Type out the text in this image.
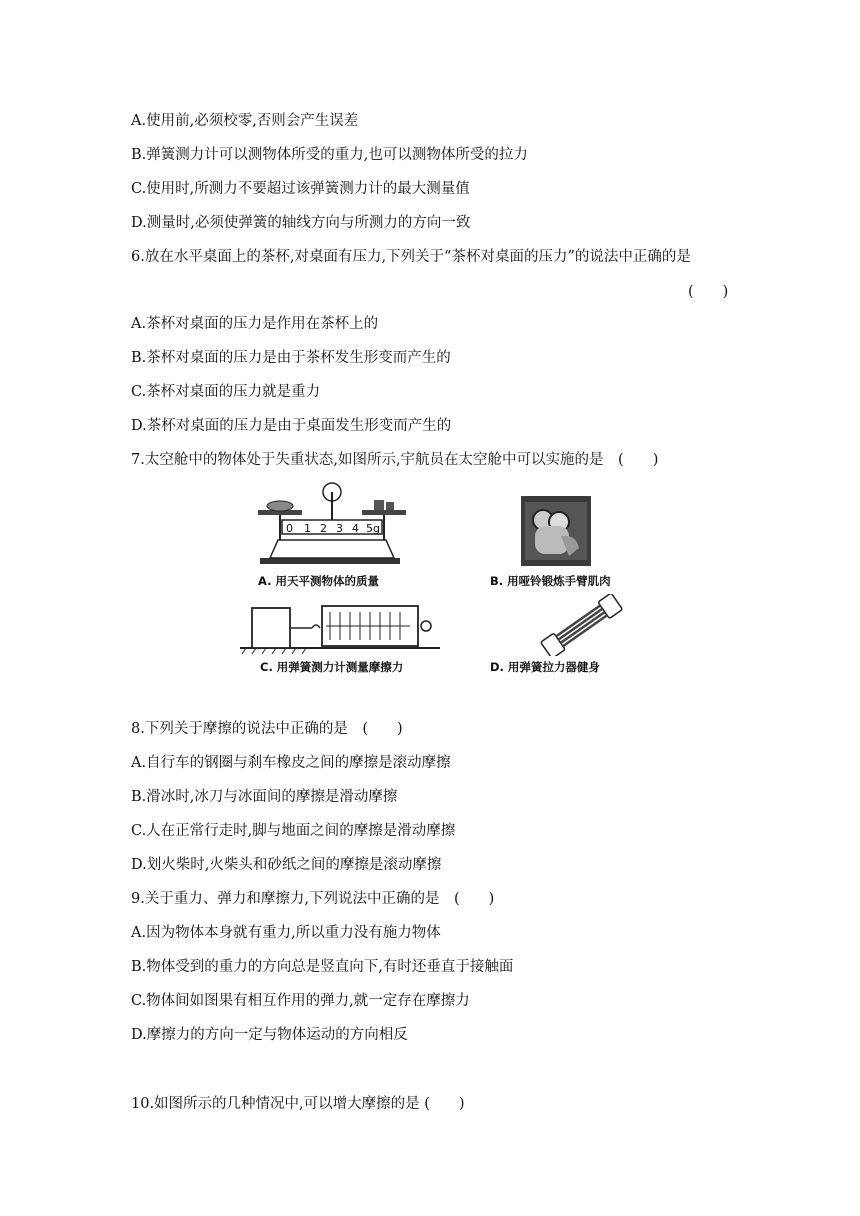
A.使用前,必须校零,否则会产生误差
B.弹簧测力计可以测物体所受的重力,也可以测物体所受的拉力
C.使用时,所测力不要超过该弹簧测力计的最大测量值
D.测量时,必须使弹簧的轴线方向与所测力的方向一致
6.放在水平桌面上的茶杯,对桌面有压力,下列关于“茶杯对桌面的压力”的说法中正确的是
(　　)
A.茶杯对桌面的压力是作用在茶杯上的
B.茶杯对桌面的压力是由于茶杯发生形变而产生的
C.茶杯对桌面的压力就是重力
D.茶杯对桌面的压力是由于桌面发生形变而产生的
7.太空舱中的物体处于失重状态,如图所示,宇航员在太空舱中可以实施的是　(　　)
0 1 2 3 4 5g
A. 用天平测物体的质量	B. 用哑铃锻炼手臂肌肉
C. 用弹簧测力计测量摩擦力	D. 用弹簧拉力器健身
8.下列关于摩擦的说法中正确的是　(　　)
A.自行车的钢圈与刹车橡皮之间的摩擦是滚动摩擦
B.滑冰时,冰刀与冰面间的摩擦是滑动摩擦
C.人在正常行走时,脚与地面之间的摩擦是滑动摩擦
D.划火柴时,火柴头和砂纸之间的摩擦是滚动摩擦
9.关于重力、弹力和摩擦力,下列说法中正确的是　(　　)
A.因为物体本身就有重力,所以重力没有施力物体
B.物体受到的重力的方向总是竖直向下,有时还垂直于接触面
C.物体间如图果有相互作用的弹力,就一定存在摩擦力
D.摩擦力的方向一定与物体运动的方向相反
10.如图所示的几种情况中,可以增大摩擦的是 (　　)
